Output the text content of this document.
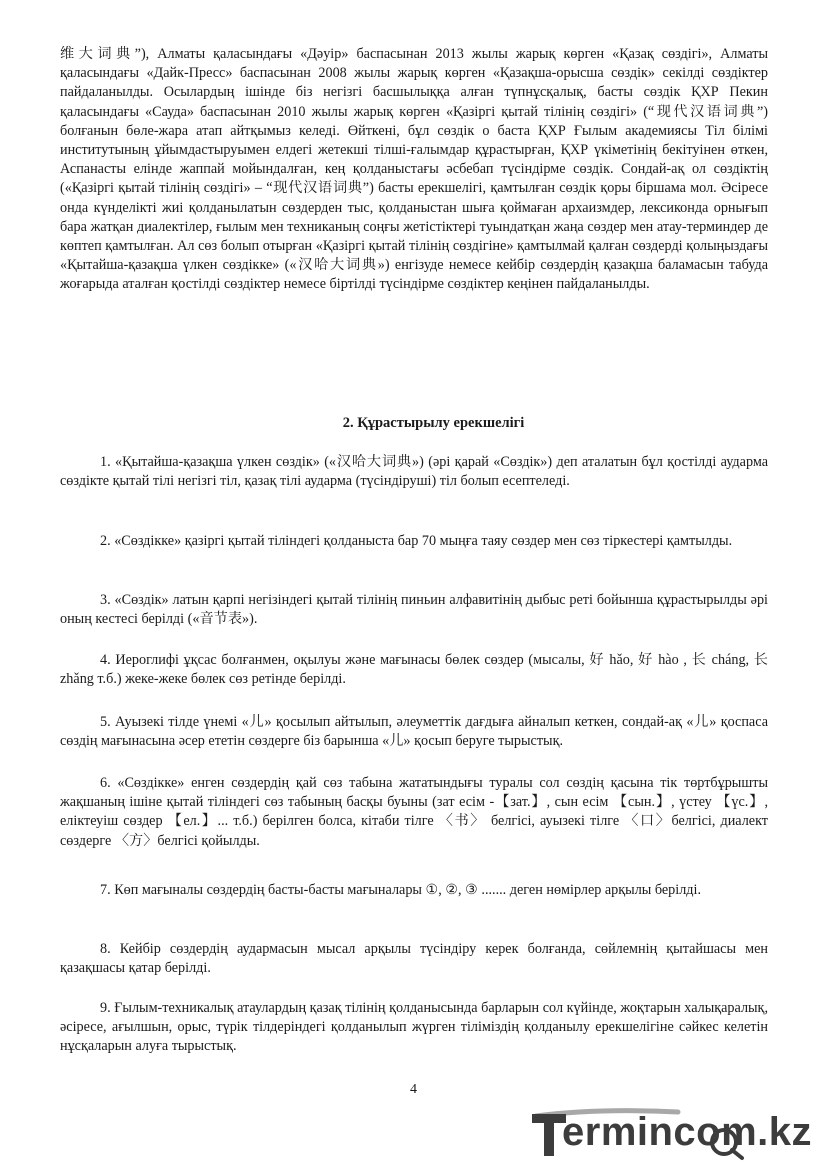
维大词典”), Алматы қаласындағы «Дәуір» баспасынан 2013 жылы жарық көрген «Қазақ сөздігі», Алматы қаласындағы «Дайк-Пресс» баспасынан 2008 жылы жарық көрген «Қазақша-орысша сөздік» секілді сөздіктер пайдаланылды. Осылардың ішінде біз негізгі басшылыққа алған түпнұсқалық, басты сөздік ҚХР Пекин қаласындағы «Сауда» баспасынан 2010 жылы жарық көрген «Қазіргі қытай тілінің сөздігі» (“现代汉语词典”) болғанын бөле-жара атап айтқымыз келеді. Өйткені, бұл сөздік о баста ҚХР Ғылым академиясы Тіл білімі институтының ұйымдастыруымен елдегі жетекші тілші-ғалымдар құрастырған, ҚХР үкіметінің бекітуінен өткен, Аспанасты елінде жаппай мойындалған, кең қолданыстағы әсбебап түсіндірме сөздік. Сондай-ақ ол сөздіктің («Қазіргі қытай тілінің сөздігі» – “现代汉语词典”) басты ерекшелігі, қамтылған сөздік қоры біршама мол. Әсіресе онда күнделікті жиі қолданылатын сөздерден тыс, қолданыстан шыға қоймаған архаизмдер, лексиконда орнығып бара жатқан диалектілер, ғылым мен техниканың соңғы жетістіктері туындатқан жаңа сөздер мен атау-терминдер де көптеп қамтылған. Ал сөз болып отырған «Қазіргі қытай тілінің сөздігіне» қамтылмай қалған сөздерді қолыңыздағы «Қытайша-қазақша үлкен сөздікке» («汉哈大词典») енгізуде немесе кейбір сөздердің қазақша баламасын табуда жоғарыда аталған қостілді сөздіктер немесе біртілді түсіндірме сөздіктер кеңінен пайдаланылды.

2. Құрастырылу ерекшелігі

1. «Қытайша-қазақша үлкен сөздік» («汉哈大词典») (әрі қарай «Сөздік») деп аталатын бұл қостілді аударма сөздікте қытай тілі негізгі тіл, қазақ тілі аударма (түсіндіруші) тіл болып есептеледі.

2. «Сөздікке» қазіргі қытай тіліндегі қолданыста бар 70 мыңға таяу сөздер мен сөз тіркестері қамтылды.

3. «Сөздік» латын қарпі негізіндегі қытай тілінің пиньин алфавитінің дыбыс реті бойынша құрастырылды әрі оның кестесі берілді («音节表»).

4. Иероглифі ұқсас болғанмен, оқылуы және мағынасы бөлек сөздер (мысалы, 好 hǎo, 好 hào , 长 cháng, 长 zhǎng т.б.) жеке-жеке бөлек сөз ретінде берілді.

5. Ауызекі тілде үнемі «儿» қосылып айтылып, әлеуметтік дағдыға айналып кеткен, сондай-ақ «儿» қоспаса сөздің мағынасына әсер ететін сөздерге біз барынша «儿» қосып беруге тырыстық.

6. «Сөздікке» енген сөздердің қай сөз табына жататындығы туралы сол сөздің қасына тік төртбұрышты жақшаның ішіне қытай тіліндегі сөз табының басқы буыны (зат есім -【зат.】, сын есім 【сын.】, үстеу 【үс.】, еліктеуіш сөздер 【ел.】... т.б.) берілген болса, кітаби тілге 〈书〉 белгісі, ауызекі тілге 〈口〉белгісі, диалект сөздерге 〈方〉белгісі қойылды.

7. Көп мағыналы сөздердің басты-басты мағыналары ①, ②, ③ ....... деген нөмірлер арқылы берілді.

8. Кейбір сөздердің аудармасын мысал арқылы түсіндіру керек болғанда, сөйлемнің қытайшасы мен қазақшасы қатар берілді.

9. Ғылым-техникалық атаулардың қазақ тілінің қолданысында барларын сол күйінде, жоқтарын халықаралық, әсіресе, ағылшын, орыс, түрік тілдеріндегі қолданылып жүрген тіліміздің қолданылу ерекшелігіне сәйкес келетін нұсқаларын алуға тырыстық.

4
ermincom.kz
